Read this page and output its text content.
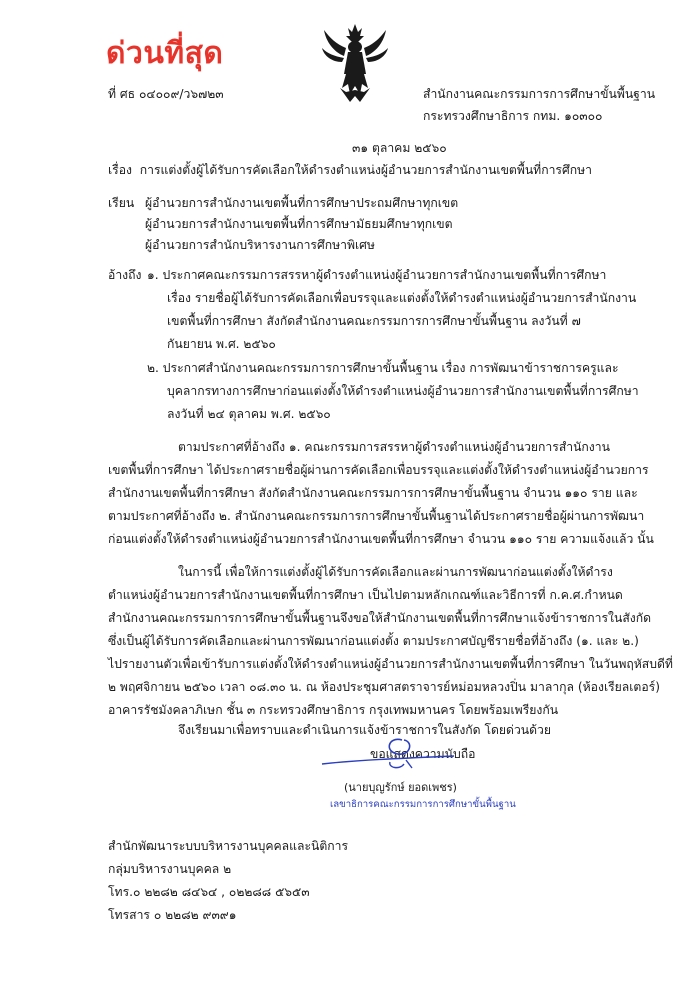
ด่วนที่สุด
ที่ ศธ ๐๔๐๐๙/ว๖๗๒๓	สำนักงานคณะกรรมการการศึกษาขั้นพื้นฐาน
กระทรวงศึกษาธิการ กทม. ๑๐๓๐๐
๓๑ ตุลาคม ๒๕๖๐
เรื่อง การแต่งตั้งผู้ได้รับการคัดเลือกให้ดำรงตำแหน่งผู้อำนวยการสำนักงานเขตพื้นที่การศึกษา
เรียน ผู้อำนวยการสำนักงานเขตพื้นที่การศึกษาประถมศึกษาทุกเขต
ผู้อำนวยการสำนักงานเขตพื้นที่การศึกษามัธยมศึกษาทุกเขต
ผู้อำนวยการสำนักบริหารงานการศึกษาพิเศษ
อ้างถึง ๑. ประกาศคณะกรรมการสรรหาผู้ดำรงตำแหน่งผู้อำนวยการสำนักงานเขตพื้นที่การศึกษา
เรื่อง รายชื่อผู้ได้รับการคัดเลือกเพื่อบรรจุและแต่งตั้งให้ดำรงตำแหน่งผู้อำนวยการสำนักงาน
เขตพื้นที่การศึกษา สังกัดสำนักงานคณะกรรมการการศึกษาขั้นพื้นฐาน ลงวันที่ ๗
กันยายน พ.ศ. ๒๕๖๐
๒. ประกาศสำนักงานคณะกรรมการการศึกษาขั้นพื้นฐาน เรื่อง การพัฒนาข้าราชการครูและ
บุคลากรทางการศึกษาก่อนแต่งตั้งให้ดำรงตำแหน่งผู้อำนวยการสำนักงานเขตพื้นที่การศึกษา
ลงวันที่ ๒๔ ตุลาคม พ.ศ. ๒๕๖๐
ตามประกาศที่อ้างถึง ๑. คณะกรรมการสรรหาผู้ดำรงตำแหน่งผู้อำนวยการสำนักงาน
เขตพื้นที่การศึกษา ได้ประกาศรายชื่อผู้ผ่านการคัดเลือกเพื่อบรรจุและแต่งตั้งให้ดำรงตำแหน่งผู้อำนวยการ
สำนักงานเขตพื้นที่การศึกษา สังกัดสำนักงานคณะกรรมการการศึกษาขั้นพื้นฐาน จำนวน ๑๑๐ ราย และ
ตามประกาศที่อ้างถึง ๒. สำนักงานคณะกรรมการการศึกษาขั้นพื้นฐานได้ประกาศรายชื่อผู้ผ่านการพัฒนา
ก่อนแต่งตั้งให้ดำรงตำแหน่งผู้อำนวยการสำนักงานเขตพื้นที่การศึกษา จำนวน ๑๑๐ ราย ความแจ้งแล้ว นั้น
ในการนี้ เพื่อให้การแต่งตั้งผู้ได้รับการคัดเลือกและผ่านการพัฒนาก่อนแต่งตั้งให้ดำรง
ตำแหน่งผู้อำนวยการสำนักงานเขตพื้นที่การศึกษา เป็นไปตามหลักเกณฑ์และวิธีการที่ ก.ค.ศ.กำหนด
สำนักงานคณะกรรมการการศึกษาขั้นพื้นฐานจึงขอให้สำนักงานเขตพื้นที่การศึกษาแจ้งข้าราชการในสังกัด
ซึ่งเป็นผู้ได้รับการคัดเลือกและผ่านการพัฒนาก่อนแต่งตั้ง ตามประกาศบัญชีรายชื่อที่อ้างถึง (๑. และ ๒.)
ไปรายงานตัวเพื่อเข้ารับการแต่งตั้งให้ดำรงตำแหน่งผู้อำนวยการสำนักงานเขตพื้นที่การศึกษา ในวันพฤหัสบดีที่
๒ พฤศจิกายน ๒๕๖๐ เวลา ๐๘.๓๐ น. ณ ห้องประชุมศาสตราจารย์หม่อมหลวงปิ่น มาลากุล (ห้องเรียลเตอร์)
อาคารรัชมังคลาภิเษก ชั้น ๓ กระทรวงศึกษาธิการ กรุงเทพมหานคร โดยพร้อมเพรียงกัน
จึงเรียนมาเพื่อทราบและดำเนินการแจ้งข้าราชการในสังกัด โดยด่วนด้วย
ขอแสดงความนับถือ
(นายบุญรักษ์ ยอดเพชร)
เลขาธิการคณะกรรมการการศึกษาขั้นพื้นฐาน
สำนักพัฒนาระบบบริหารงานบุคคลและนิติการ
กลุ่มบริหารงานบุคคล ๒
โทร.๐ ๒๒๘๒ ๘๔๖๔ , ๐๒๒๘๘ ๕๖๕๓
โทรสาร ๐ ๒๒๘๒ ๙๓๙๑
